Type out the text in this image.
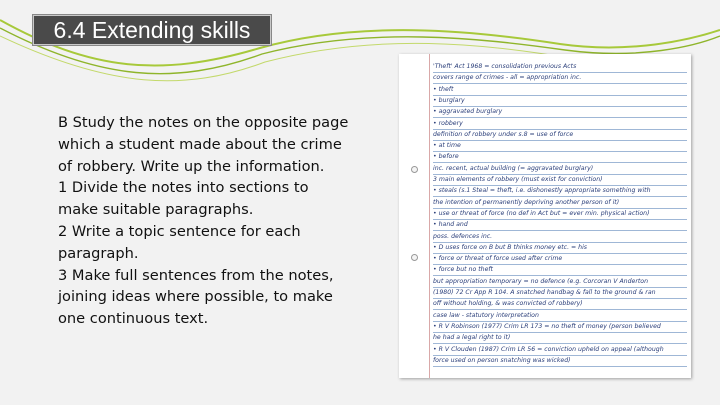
6.4 Extending skills
B Study the notes on the opposite page
which a student made about the crime
of robbery. Write up the information.
1 Divide the notes into sections to
make suitable paragraphs.
2 Write a topic sentence for each
paragraph.
3 Make full sentences from the notes,
joining ideas where possible, to make
one continuous text.
'Theft' Act 1968 = consolidation previous Acts
covers range of crimes - all = appropriation inc.
• theft
• burglary
• aggravated burglary
• robbery
definition of robbery under s.8 = use of force
• at time
• before
inc. recent, actual building (= aggravated burglary)
3 main elements of robbery (must exist for conviction)
• steals (s.1 Steal = theft, i.e. dishonestly appropriate something with
the intention of permanently depriving another person of it)
• use or threat of force (no def in Act but = ever min. physical action)
• hand and
poss. defences inc.
• D uses force on B but B thinks money etc. = his
• force or threat of force used after crime
• force but no theft
but appropriation temporary = no defence (e.g. Corcoran V Anderton
(1980) 72 Cr App R 104. A snatched handbag & fall to the ground & ran
off without holding, & was convicted of robbery)
case law - statutory interpretation
• R V Robinson (1977) Crim LR 173 = no theft of money (person believed
he had a legal right to it)
• R V Clouden (1987) Crim LR 56 = conviction upheld on appeal (although
force used on person snatching was wicked)
